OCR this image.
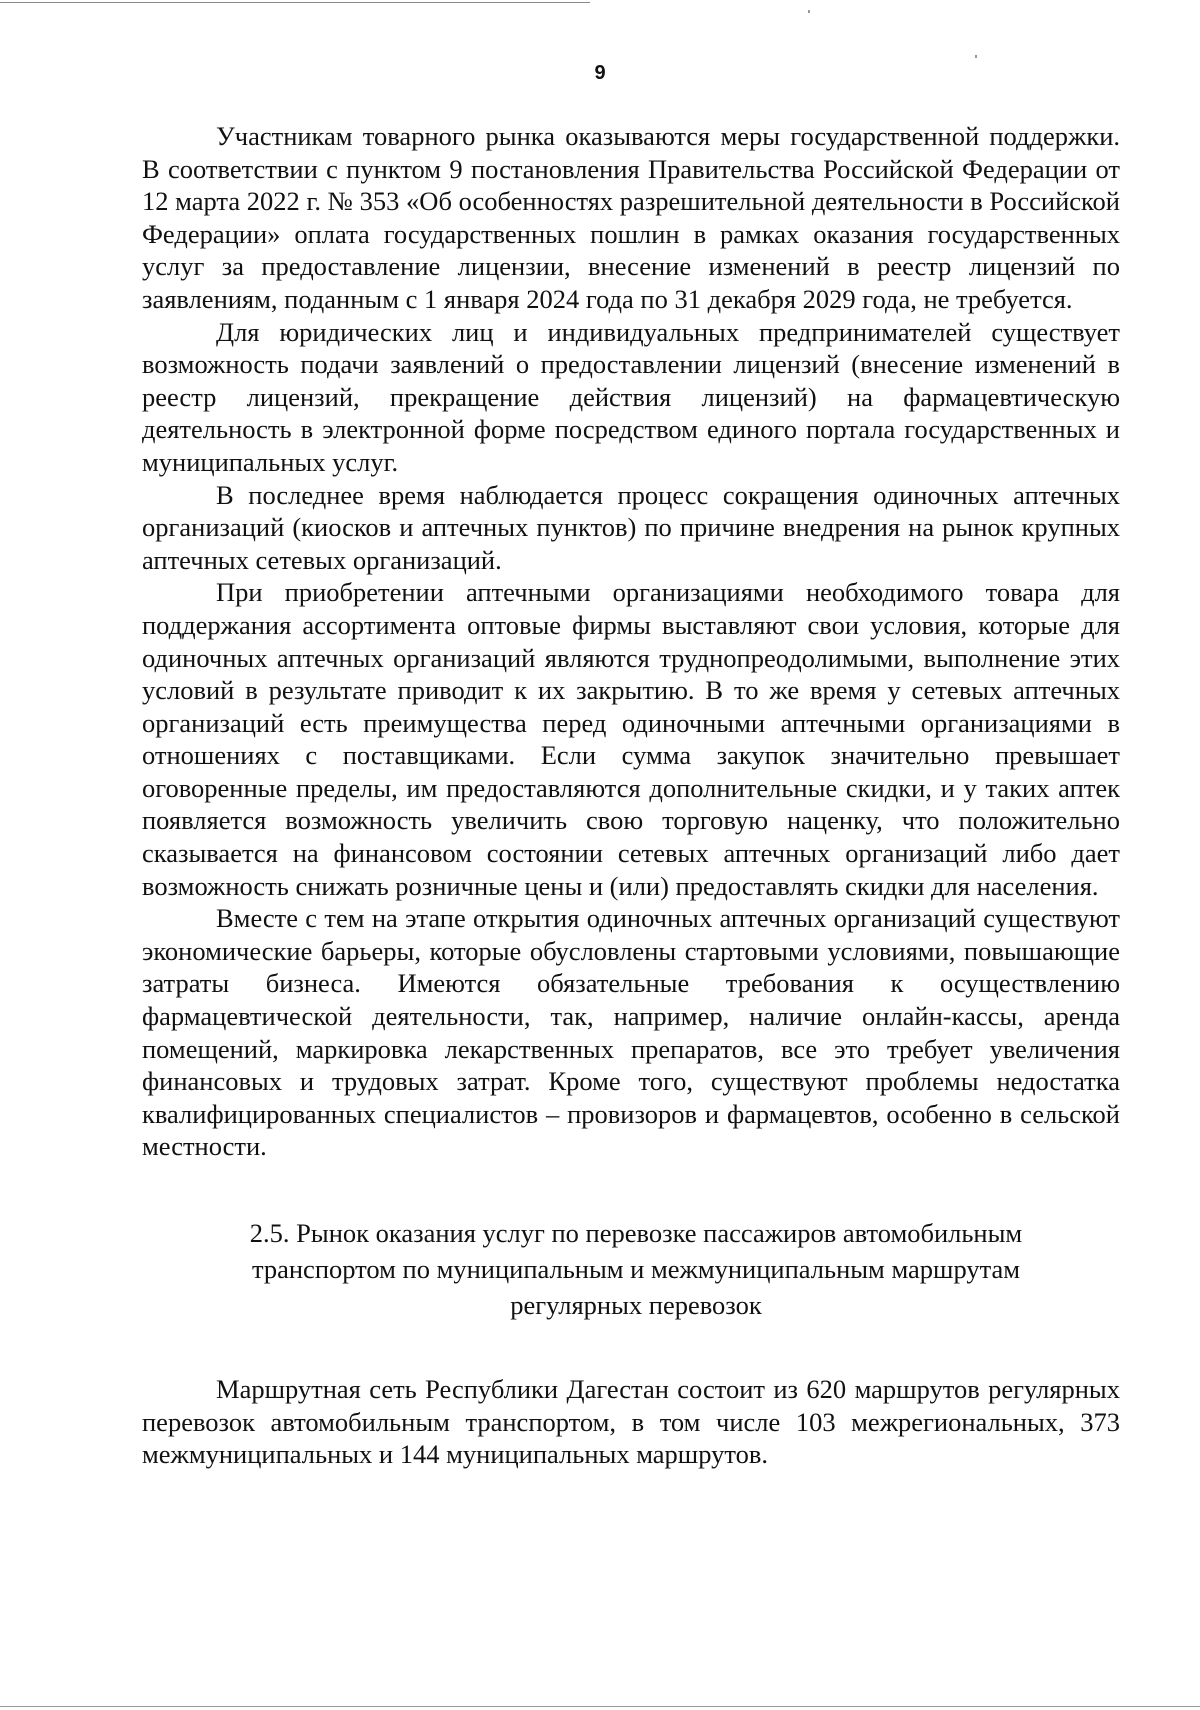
9

Участникам товарного рынка оказываются меры государственной поддержки. В соответствии с пунктом 9 постановления Правительства Российской Федерации от 12 марта 2022 г. № 353 «Об особенностях разрешительной деятельности в Российской Федерации» оплата государственных пошлин в рамках оказания государственных услуг за предоставление лицензии, внесение изменений в реестр лицензий по заявлениям, поданным с 1 января 2024 года по 31 декабря 2029 года, не требуется.

Для юридических лиц и индивидуальных предпринимателей существует возможность подачи заявлений о предоставлении лицензий (внесение изменений в реестр лицензий, прекращение действия лицензий) на фармацевтическую деятельность в электронной форме посредством единого портала государственных и муниципальных услуг.

В последнее время наблюдается процесс сокращения одиночных аптечных организаций (киосков и аптечных пунктов) по причине внедрения на рынок крупных аптечных сетевых организаций.

При приобретении аптечными организациями необходимого товара для поддержания ассортимента оптовые фирмы выставляют свои условия, которые для одиночных аптечных организаций являются труднопреодолимыми, выполнение этих условий в результате приводит к их закрытию. В то же время у сетевых аптечных организаций есть преимущества перед одиночными аптечными организациями в отношениях с поставщиками. Если сумма закупок значительно превышает оговоренные пределы, им предоставляются дополнительные скидки, и у таких аптек появляется возможность увеличить свою торговую наценку, что положительно сказывается на финансовом состоянии сетевых аптечных организаций либо дает возможность снижать розничные цены и (или) предоставлять скидки для населения.

Вместе с тем на этапе открытия одиночных аптечных организаций существуют экономические барьеры, которые обусловлены стартовыми условиями, повышающие затраты бизнеса. Имеются обязательные требования к осуществлению фармацевтической деятельности, так, например, наличие онлайн-кассы, аренда помещений, маркировка лекарственных препаратов, все это требует увеличения финансовых и трудовых затрат. Кроме того, существуют проблемы недостатка квалифицированных специалистов – провизоров и фармацевтов, особенно в сельской местности.

2.5. Рынок оказания услуг по перевозке пассажиров автомобильным
транспортом по муниципальным и межмуниципальным маршрутам
регулярных перевозок

Маршрутная сеть Республики Дагестан состоит из 620 маршрутов регулярных перевозок автомобильным транспортом, в том числе 103 межрегиональных, 373 межмуниципальных и 144 муниципальных маршрутов.
